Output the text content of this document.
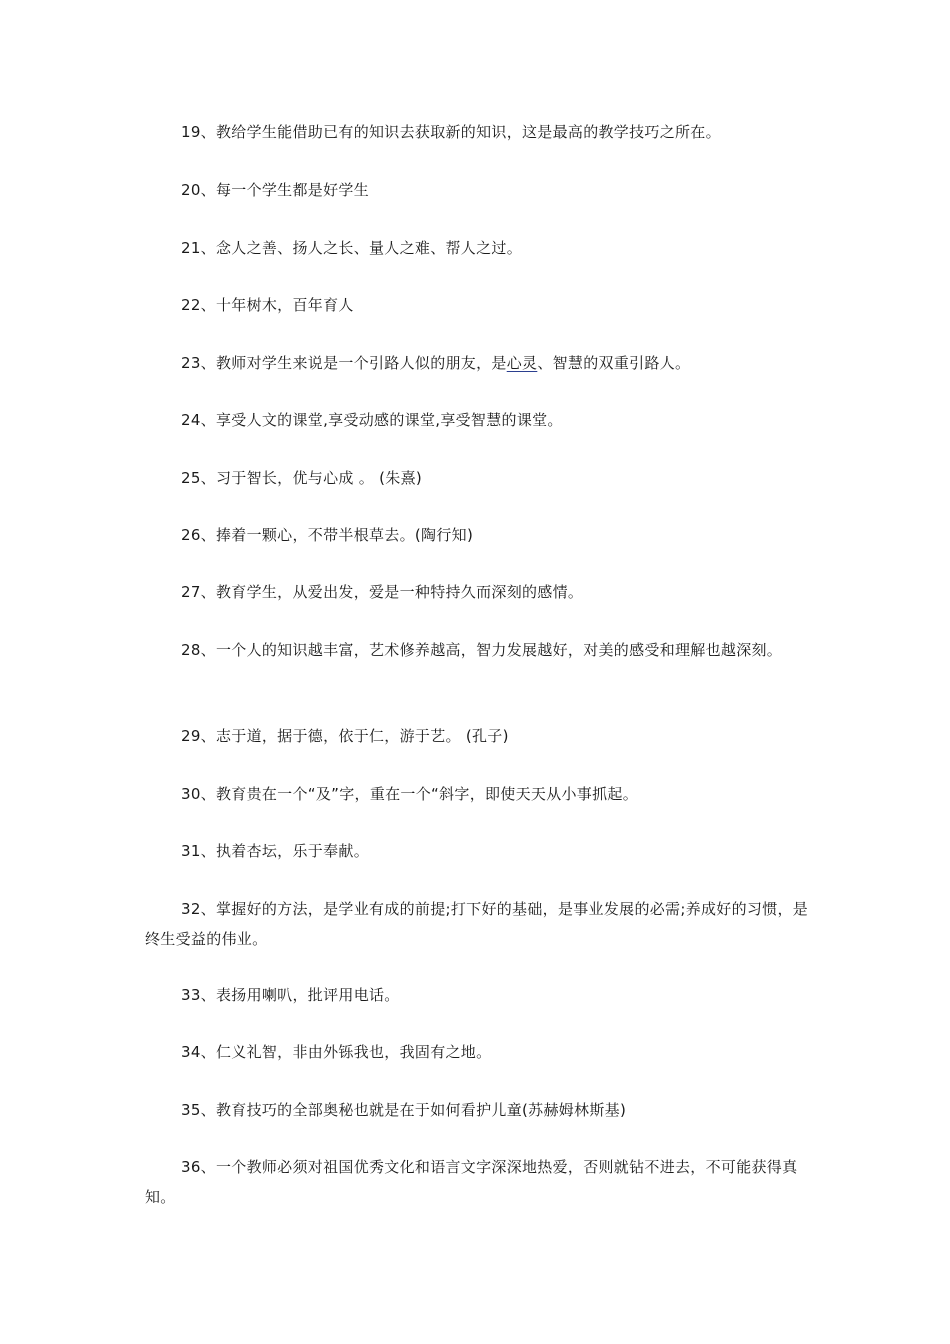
19、教给学生能借助已有的知识去获取新的知识，这是最高的教学技巧之所在。

20、每一个学生都是好学生

21、念人之善、扬人之长、量人之难、帮人之过。

22、十年树木，百年育人

23、教师对学生来说是一个引路人似的朋友，是心灵、智慧的双重引路人。

24、享受人文的课堂,享受动感的课堂,享受智慧的课堂。

25、习于智长，优与心成 。 (朱熹)

26、捧着一颗心，不带半根草去。(陶行知)

27、教育学生，从爱出发，爱是一种特持久而深刻的感情。

28、一个人的知识越丰富，艺术修养越高，智力发展越好，对美的感受和理解也越深刻。

29、志于道，据于德，依于仁，游于艺。 (孔子)

30、教育贵在一个“及”字，重在一个“斜字，即使天天从小事抓起。

31、执着杏坛，乐于奉献。

32、掌握好的方法，是学业有成的前提;打下好的基础，是事业发展的必需;养成好的习惯，是终生受益的伟业。

33、表扬用喇叭，批评用电话。

34、仁义礼智，非由外铄我也，我固有之地。

35、教育技巧的全部奥秘也就是在于如何看护儿童(苏赫姆林斯基)

36、一个教师必须对祖国优秀文化和语言文字深深地热爱，否则就钻不进去，不可能获得真知。
